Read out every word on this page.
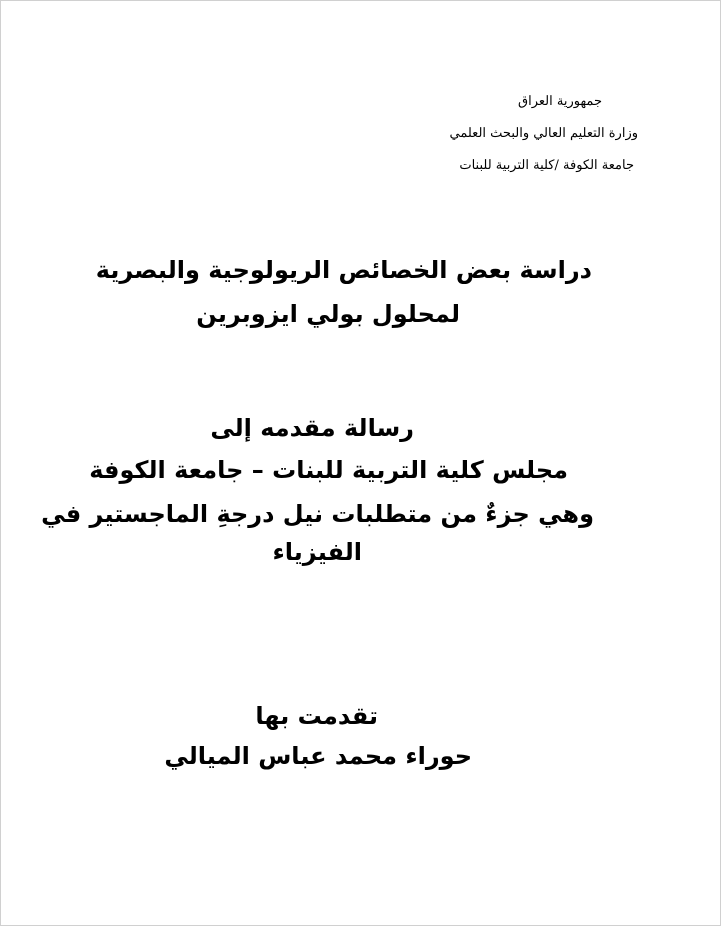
جمهورية العراق
وزارة التعليم العالي والبحث العلمي
جامعة الكوفة /كلية التربية للبنات
دراسة بعض الخصائص الريولوجية والبصرية
لمحلول بولي ايزوبرين
رسالة مقدمه إلى
مجلس كلية التربية للبنات – جامعة الكوفة
وهي جزءٌ من متطلبات نيل درجةِ الماجستير في
الفيزياء
تقدمت بها
حوراء محمد عباس الميالي
